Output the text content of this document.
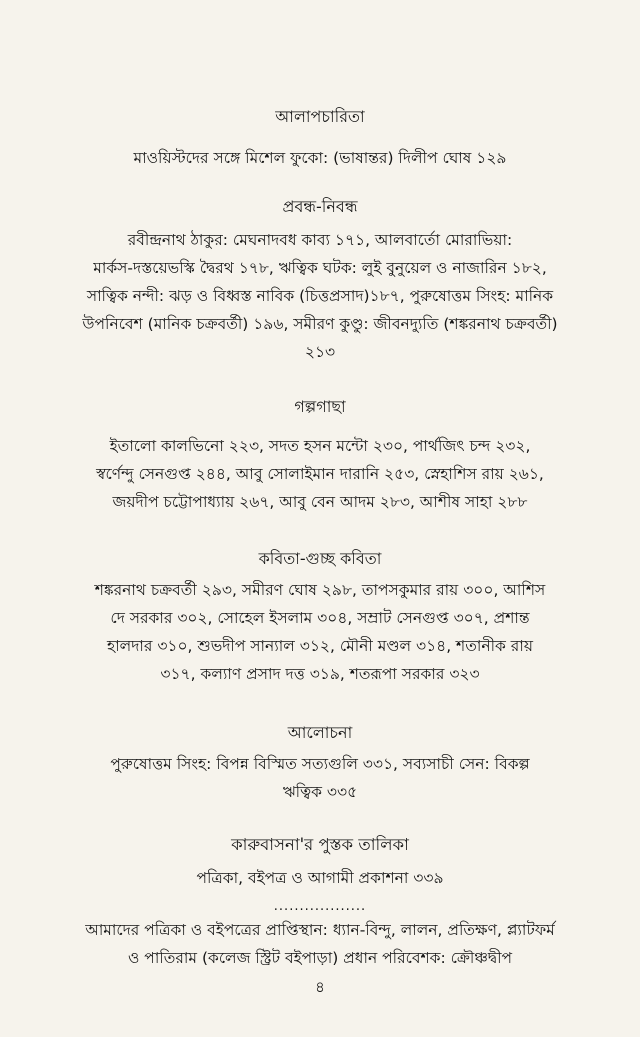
আলাপচারিতা

মাওয়িস্টদের সঙ্গে মিশেল ফুকো: (ভাষান্তর) দিলীপ ঘোষ ১২৯

প্রবন্ধ-নিবন্ধ

রবীন্দ্রনাথ ঠাকুর: মেঘনাদবধ কাব্য ১৭১, আলবার্তো মোরাভিয়া:
মার্কস-দস্তয়েভস্কি দ্বৈরথ ১৭৮, ঋত্বিক ঘটক: লুই বুনুয়েল ও নাজারিন ১৮২,
সাত্বিক নন্দী: ঝড় ও বিধ্বস্ত নাবিক (চিত্তপ্রসাদ)১৮৭, পুরুষোত্তম সিংহ: মানিক
উপনিবেশ (মানিক চক্রবর্তী) ১৯৬, সমীরণ কুণ্ডু: জীবনদ্যুতি (শঙ্করনাথ চক্রবর্তী)
২১৩

গল্পগাছা

ইতালো কালভিনো ২২৩, সদত হসন মন্টো ২৩০, পার্থজিৎ চন্দ ২৩২,
স্বর্ণেন্দু সেনগুপ্ত ২৪৪, আবু সোলাইমান দারানি ২৫৩, স্নেহাশিস রায় ২৬১,
জয়দীপ চট্টোপাধ্যায় ২৬৭, আবু বেন আদম ২৮৩, আশীষ সাহা ২৮৮

কবিতা-গুচ্ছ কবিতা

শঙ্করনাথ চক্রবর্তী ২৯৩, সমীরণ ঘোষ ২৯৮, তাপসকুমার রায় ৩০০, আশিস
দে সরকার ৩০২, সোহেল ইসলাম ৩০৪, সম্রাট সেনগুপ্ত ৩০৭, প্রশান্ত
হালদার ৩১০, শুভদীপ সান্যাল ৩১২, মৌনী মণ্ডল ৩১৪, শতানীক রায়
৩১৭, কল্যাণ প্রসাদ দত্ত ৩১৯, শতরূপা সরকার ৩২৩

আলোচনা

পুরুষোত্তম সিংহ: বিপন্ন বিস্মিত সত্যগুলি ৩৩১, সব্যসাচী সেন: বিকল্প
ঋত্বিক ৩৩৫

কারুবাসনা'র পুস্তক তালিকা

পত্রিকা, বইপত্র ও আগামী প্রকাশনা ৩৩৯

..................
আমাদের পত্রিকা ও বইপত্রের প্রাপ্তিস্থান: ধ্যান-বিন্দু, লালন, প্রতিক্ষণ, প্ল্যাটফর্ম
ও পাতিরাম (কলেজ স্ট্রিট বইপাড়া) প্রধান পরিবেশক: ক্রৌঞ্চদ্বীপ
৪
